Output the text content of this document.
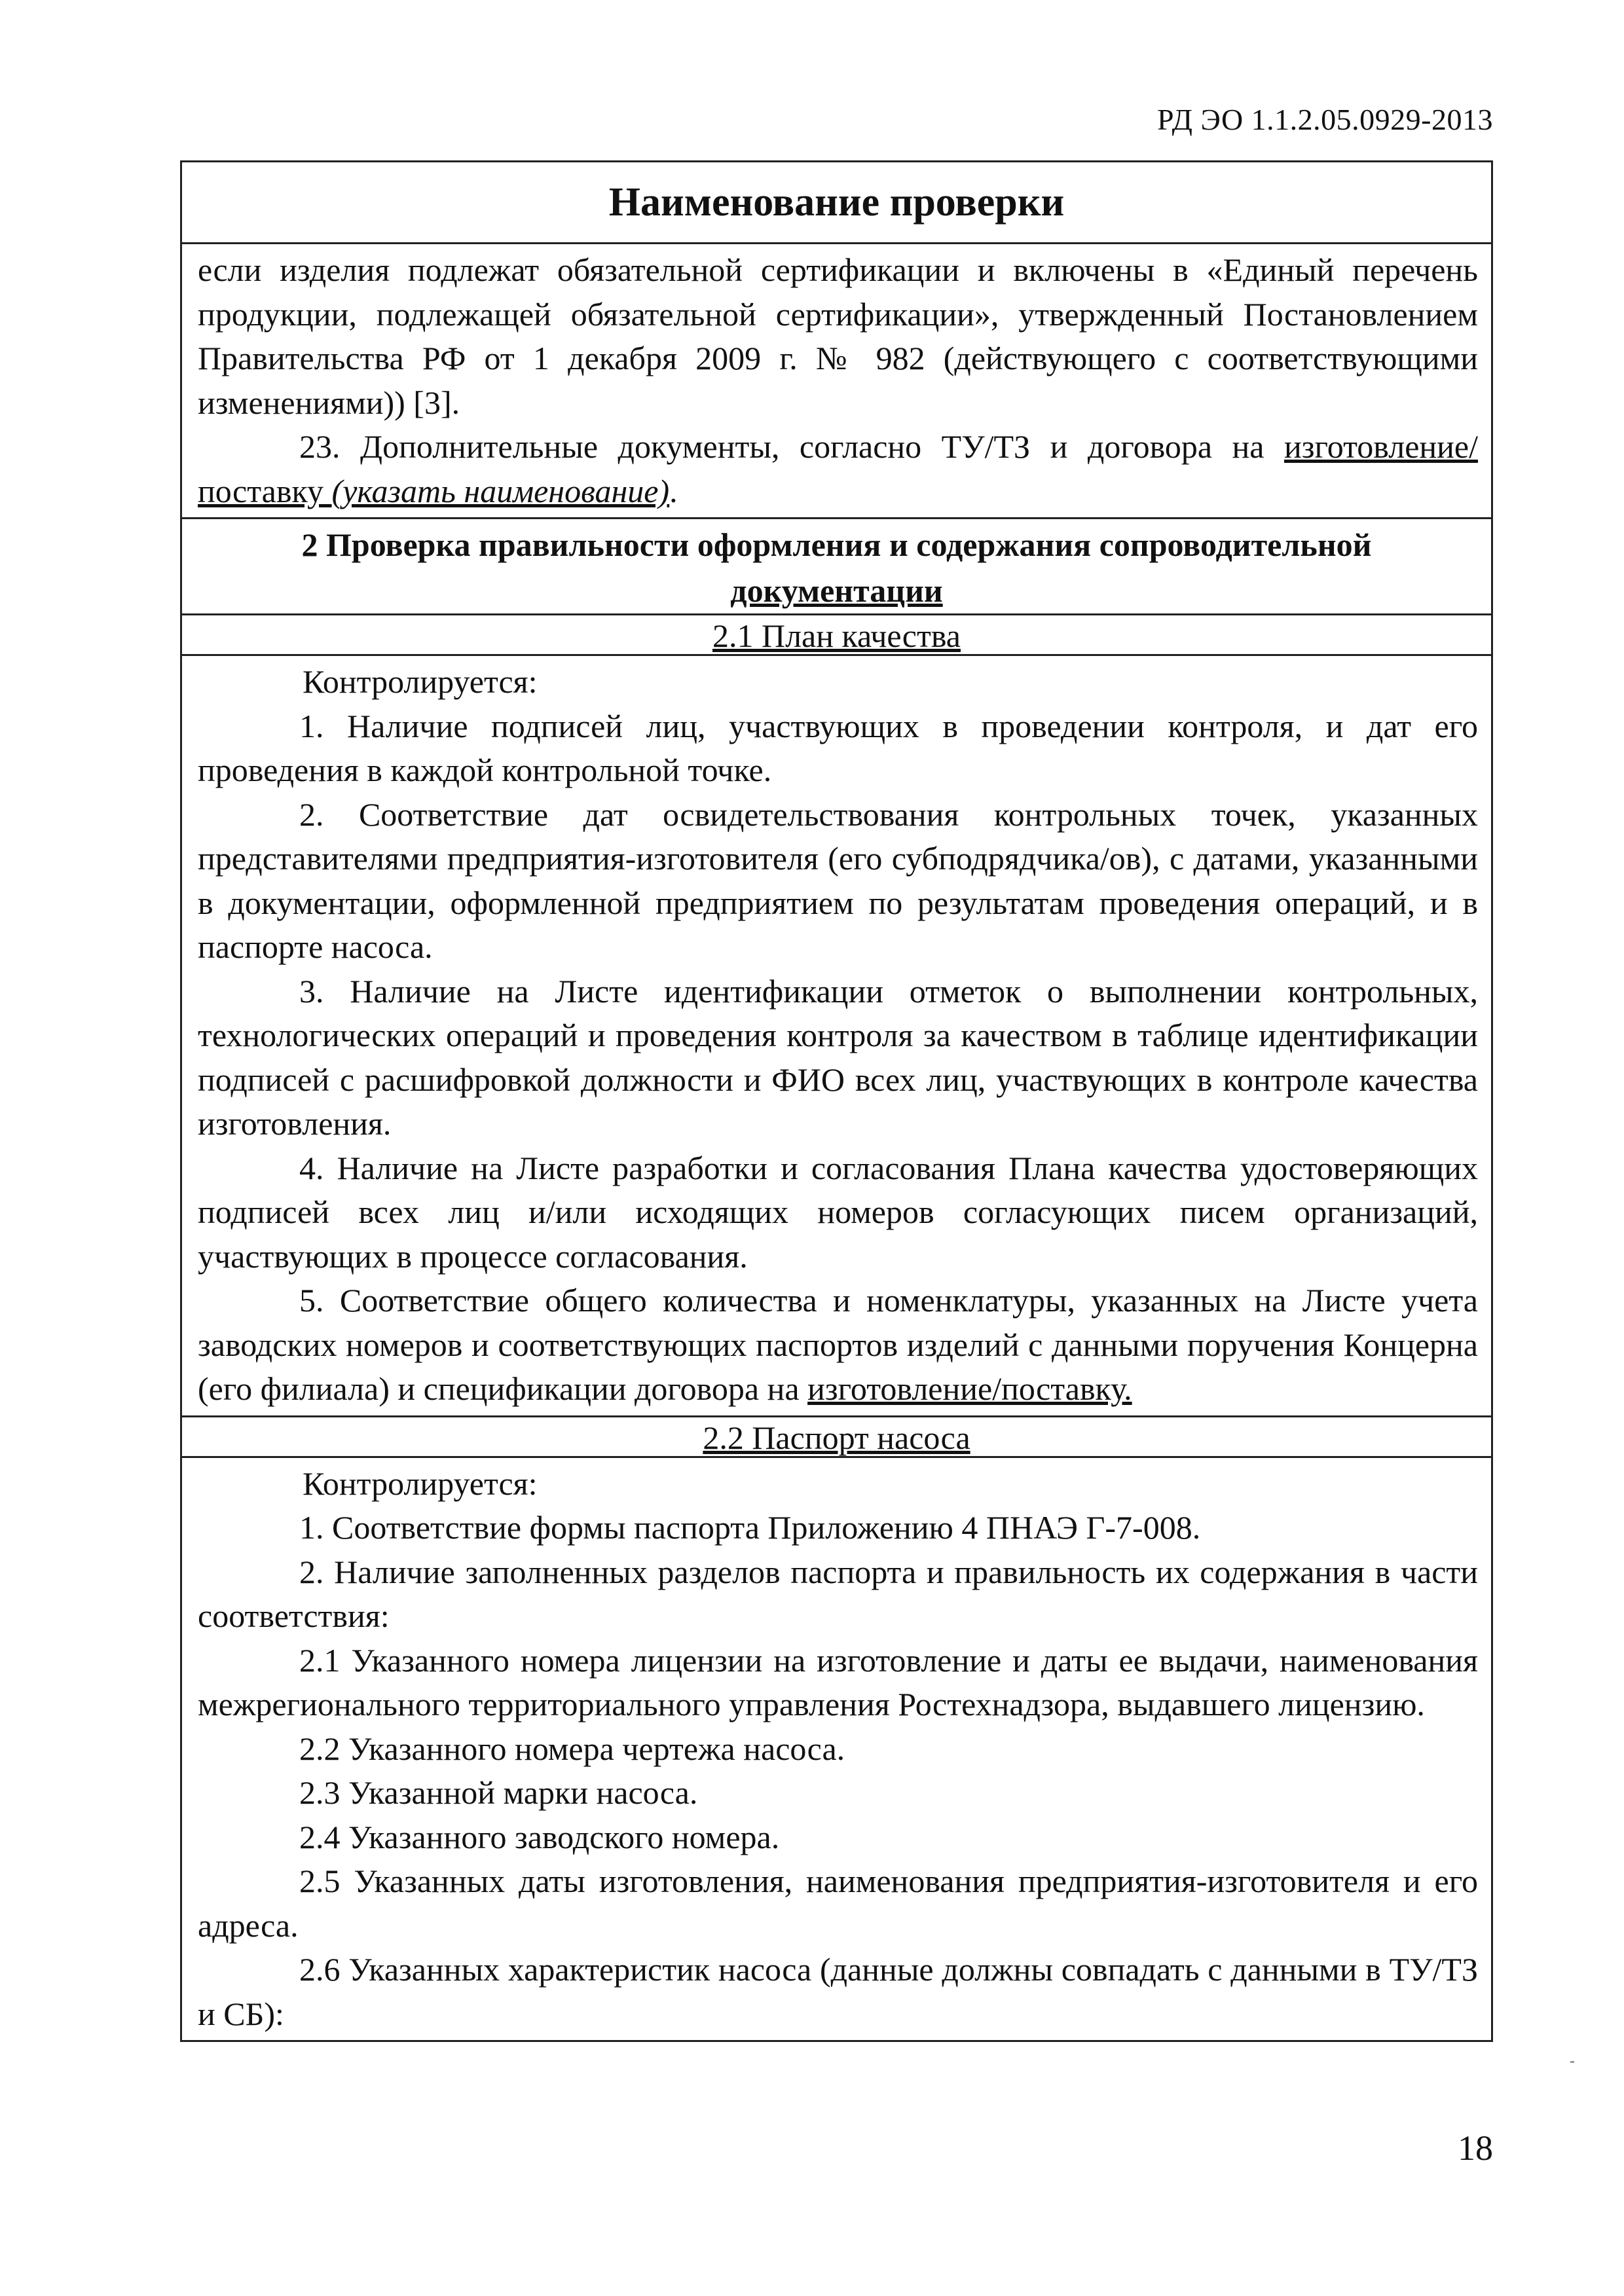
РД ЭО 1.1.2.05.0929-2013
Наименование проверки

если изделия подлежат обязательной сертификации и включены в «Единый перечень продукции, подлежащей обязательной сертификации», утвержденный Постановлением Правительства РФ от 1 декабря 2009 г. № 982 (действующего с соответствующими изменениями)) [3].

23. Дополнительные документы, согласно ТУ/ТЗ и договора на изготовление/поставку (указать наименование).

2 Проверка правильности оформления и содержания сопроводительной
документации
2.1 План качества

Контролируется:

1. Наличие подписей лиц, участвующих в проведении контроля, и дат его проведения в каждой контрольной точке.

2. Соответствие дат освидетельствования контрольных точек, указанных представителями предприятия-изготовителя (его субподрядчика/ов), с датами, указанными в документации, оформленной предприятием по результатам проведения операций, и в паспорте насоса.

3. Наличие на Листе идентификации отметок о выполнении контрольных, технологических операций и проведения контроля за качеством в таблице идентификации подписей с расшифровкой должности и ФИО всех лиц, участвующих в контроле качества изготовления.

4. Наличие на Листе разработки и согласования Плана качества удостоверяющих подписей всех лиц и/или исходящих номеров согласующих писем организаций, участвующих в процессе согласования.

5. Соответствие общего количества и номенклатуры, указанных на Листе учета заводских номеров и соответствующих паспортов изделий с данными поручения Концерна (его филиала) и спецификации договора на изготовление/поставку.

2.2 Паспорт насоса

Контролируется:

1. Соответствие формы паспорта Приложению 4 ПНАЭ Г-7-008.

2. Наличие заполненных разделов паспорта и правильность их содержания в части соответствия:

2.1 Указанного номера лицензии на изготовление и даты ее выдачи, наименования межрегионального территориального управления Ростехнадзора, выдавшего лицензию.

2.2 Указанного номера чертежа насоса.

2.3 Указанной марки насоса.

2.4 Указанного заводского номера.

2.5 Указанных даты изготовления, наименования предприятия-изготовителя и его адреса.

2.6 Указанных характеристик насоса (данные должны совпадать с данными в ТУ/ТЗ и СБ):

18
